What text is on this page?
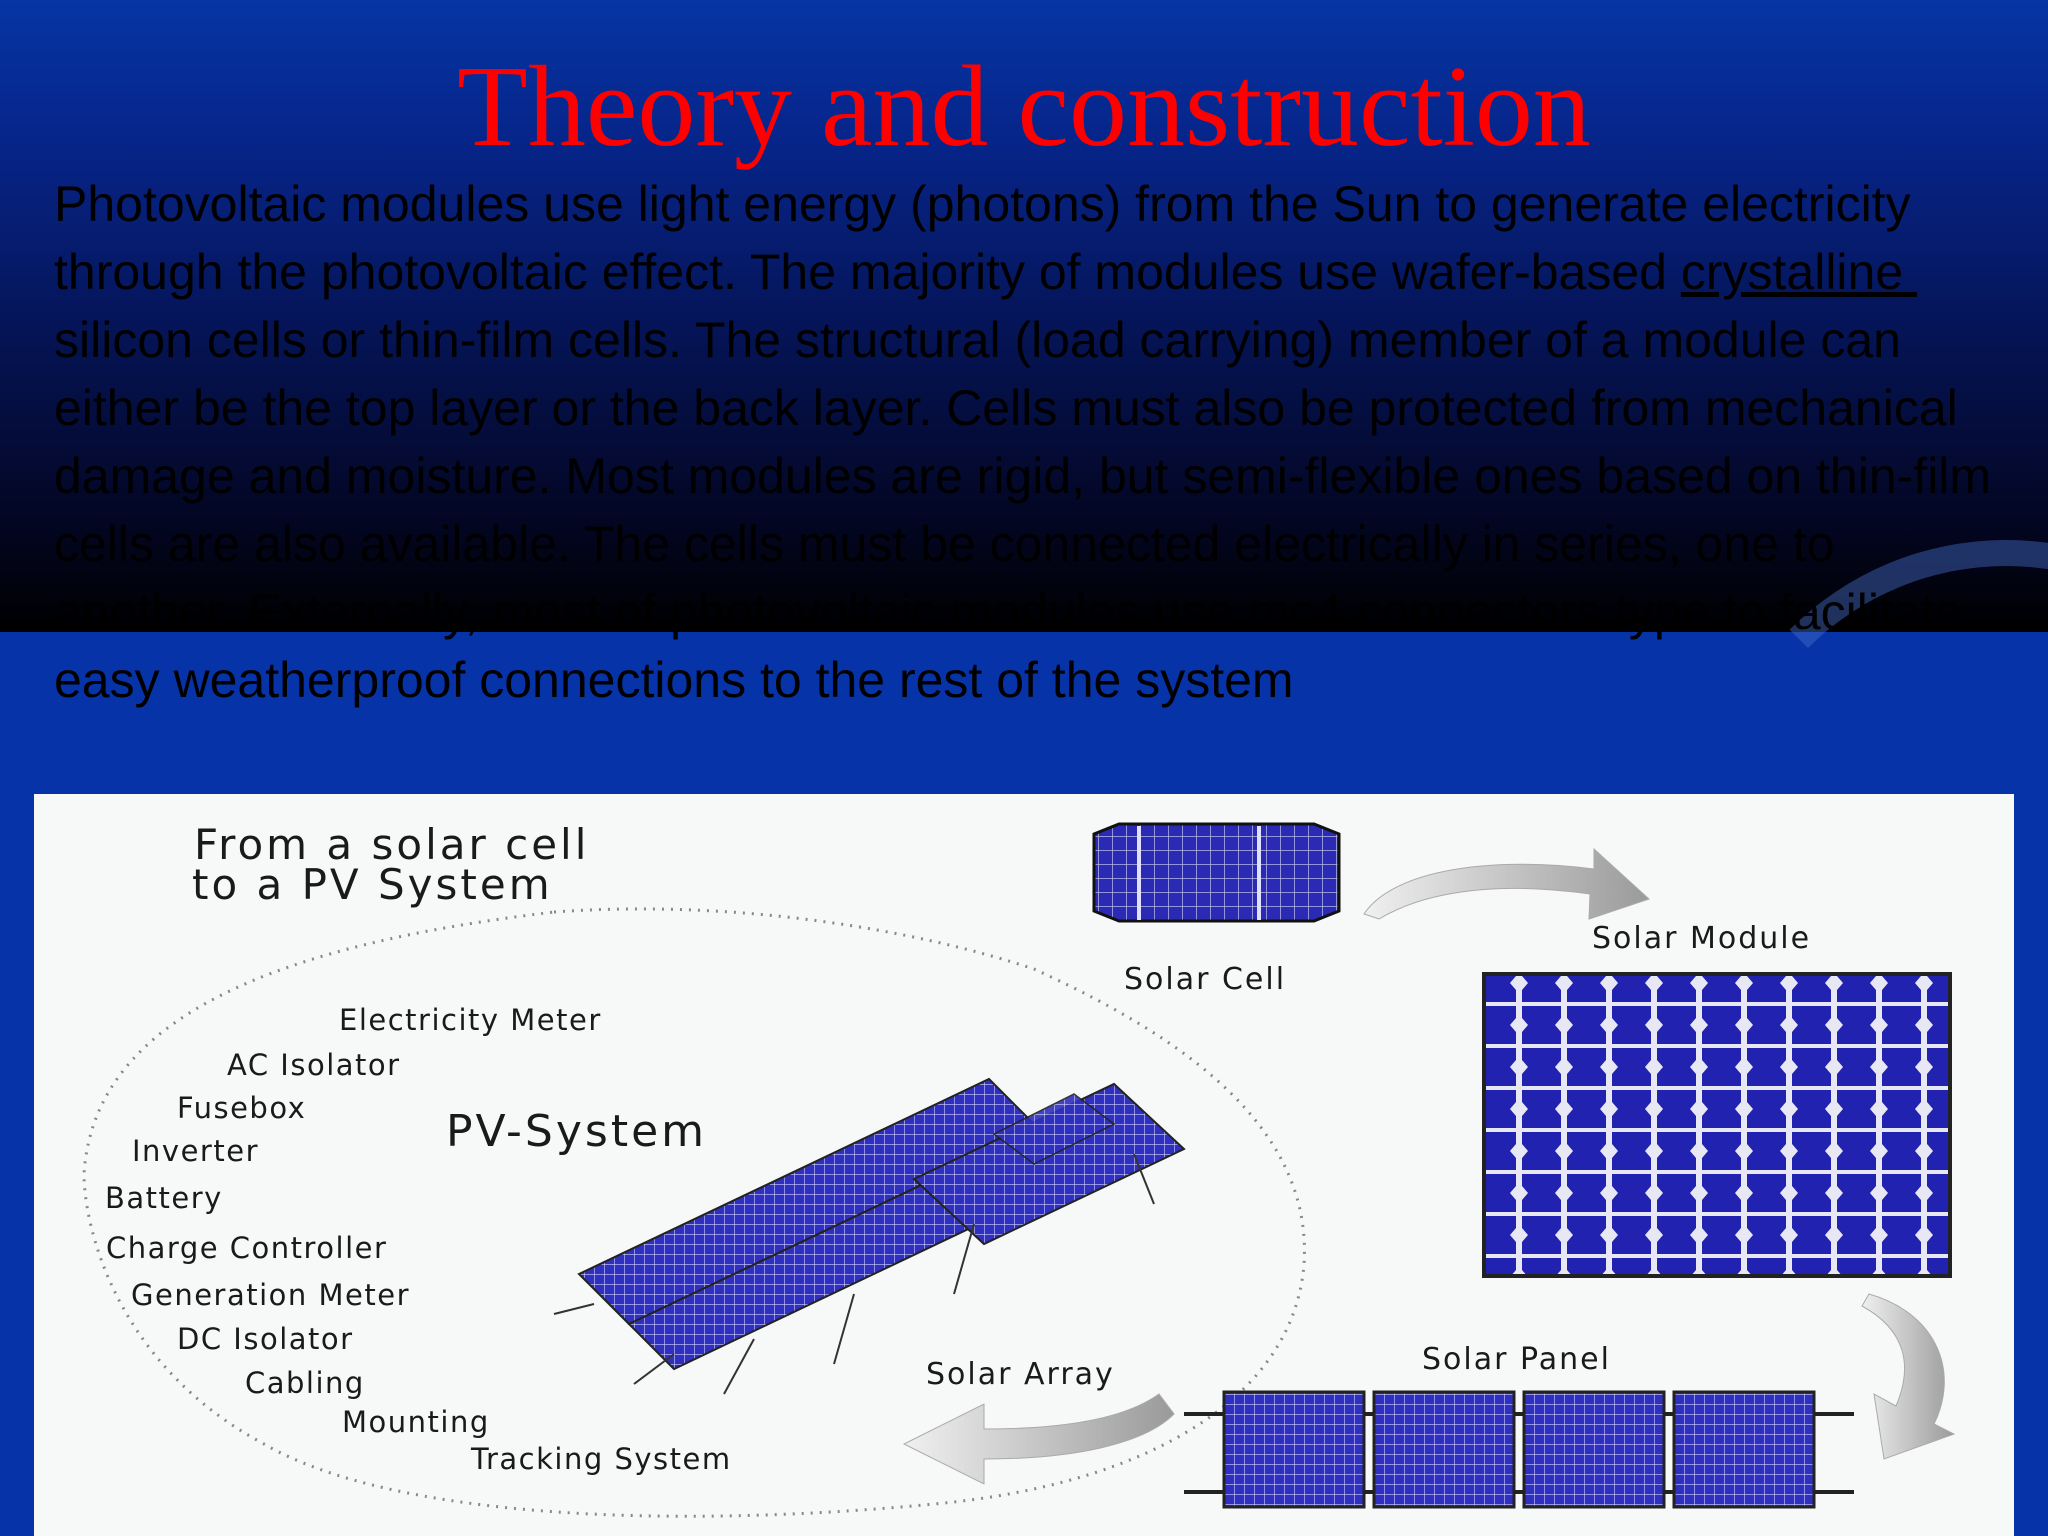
Theory and construction
Photovoltaic modules use light energy (photons) from the Sun to generate electricity through the photovoltaic effect. The majority of modules use wafer-based crystalline silicon cells or thin-film cells. The structural (load carrying) member of a module can either be the top layer or the back layer. Cells must also be protected from mechanical damage and moisture. Most modules are rigid, but semi-flexible ones based on thin-film cells are also available. The cells must be connected electrically in series, one to another. Externally, most of photovoltaic modules use mc4 connectors type to facilitate easy weatherproof connections to the rest of the system
From a solar cell
to a PV System
Solar Cell
Solar Module
Solar Panel
Solar Array
PV-System
Electricity Meter
AC Isolator
Fusebox
Inverter
Battery
Charge Controller
Generation Meter
DC Isolator
Cabling
Mounting
Tracking System
